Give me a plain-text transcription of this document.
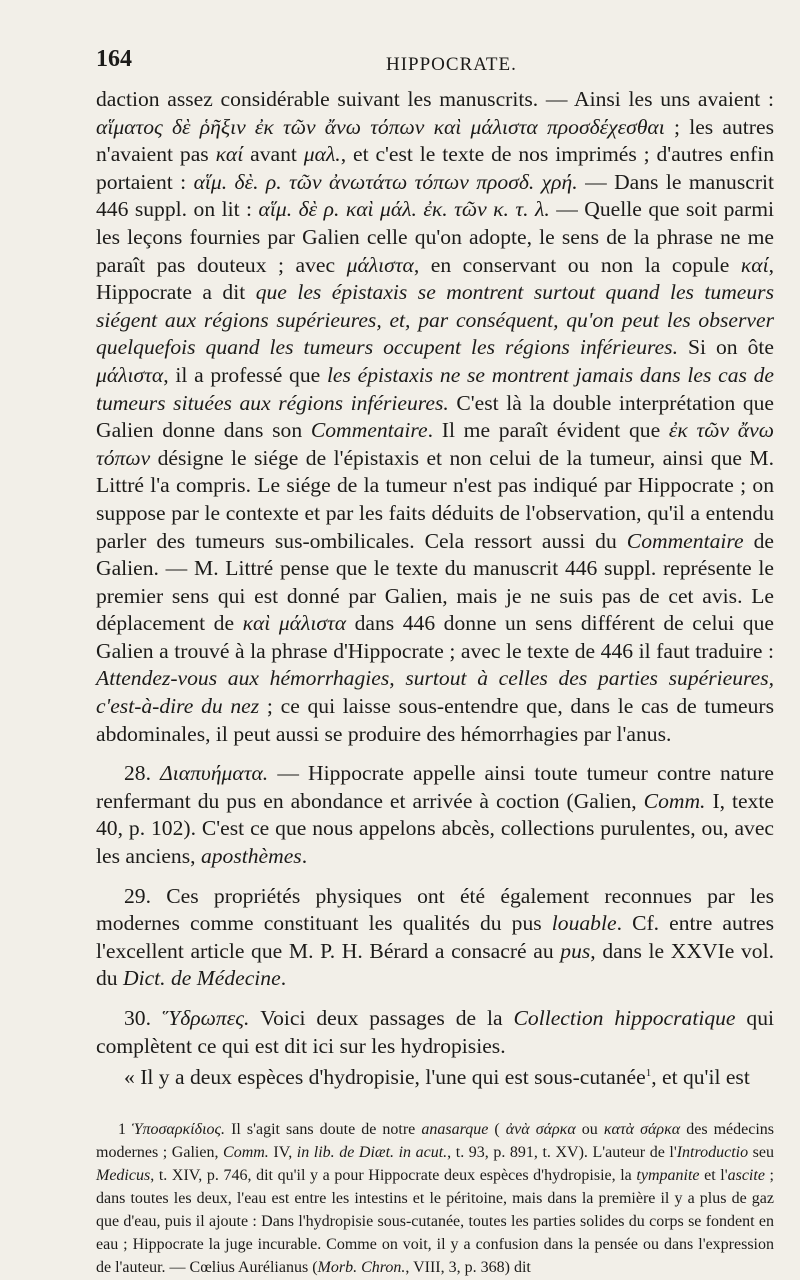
164	HIPPOCRATE.

daction assez considérable suivant les manuscrits. — Ainsi les uns avaient : αἵματος δὲ ῥῆξιν ἐκ τῶν ἄνω τόπων καὶ μάλιστα προσδέχεσθαι ; les autres n'avaient pas καί avant μαλ., et c'est le texte de nos imprimés ; d'autres enfin portaient : αἵμ. δὲ. ρ. τῶν ἀνωτάτω τόπων προσδ. χρή. — Dans le manuscrit 446 suppl. on lit : αἵμ. δὲ ρ. καὶ μάλ. ἐκ. τῶν κ. τ. λ. — Quelle que soit parmi les leçons fournies par Galien celle qu'on adopte, le sens de la phrase ne me paraît pas douteux ; avec μάλιστα, en conservant ou non la copule καί, Hippocrate a dit que les épistaxis se montrent surtout quand les tumeurs siégent aux régions supérieures, et, par conséquent, qu'on peut les observer quelquefois quand les tumeurs occupent les régions inférieures. Si on ôte μάλιστα, il a professé que les épistaxis ne se montrent jamais dans les cas de tumeurs situées aux régions inférieures. C'est là la double interprétation que Galien donne dans son Commentaire. Il me paraît évident que ἐκ τῶν ἄνω τόπων désigne le siége de l'épistaxis et non celui de la tumeur, ainsi que M. Littré l'a compris. Le siége de la tumeur n'est pas indiqué par Hippocrate ; on suppose par le contexte et par les faits déduits de l'observation, qu'il a entendu parler des tumeurs sus-ombilicales. Cela ressort aussi du Commentaire de Galien. — M. Littré pense que le texte du manuscrit 446 suppl. représente le premier sens qui est donné par Galien, mais je ne suis pas de cet avis. Le déplacement de καὶ μάλιστα dans 446 donne un sens différent de celui que Galien a trouvé à la phrase d'Hippocrate ; avec le texte de 446 il faut traduire : Attendez-vous aux hémorrhagies, surtout à celles des parties supérieures, c'est-à-dire du nez ; ce qui laisse sous-entendre que, dans le cas de tumeurs abdominales, il peut aussi se produire des hémorrhagies par l'anus.

28. Διαπυήματα. — Hippocrate appelle ainsi toute tumeur contre nature renfermant du pus en abondance et arrivée à coction (Galien, Comm. I, texte 40, p. 102). C'est ce que nous appelons abcès, collections purulentes, ou, avec les anciens, aposthèmes.

29. Ces propriétés physiques ont été également reconnues par les modernes comme constituant les qualités du pus louable. Cf. entre autres l'excellent article que M. P. H. Bérard a consacré au pus, dans le XXVIe vol. du Dict. de Médecine.

30. Ὕδρωπες. Voici deux passages de la Collection hippocratique qui complètent ce qui est dit ici sur les hydropisies.

« Il y a deux espèces d'hydropisie, l'une qui est sous-cutanée$^1$, et qu'il est

1 Ὑποσαρκίδιος. Il s'agit sans doute de notre anasarque ( ἀνὰ σάρκα ou κατὰ σάρκα des médecins modernes ; Galien, Comm. IV, in lib. de Diæt. in acut., t. 93, p. 891, t. XV). L'auteur de l'Introductio seu Medicus, t. XIV, p. 746, dit qu'il y a pour Hippocrate deux espèces d'hydropisie, la tympanite et l'ascite ; dans toutes les deux, l'eau est entre les intestins et le péritoine, mais dans la première il y a plus de gaz que d'eau, puis il ajoute : Dans l'hydropisie sous-cutanée, toutes les parties solides du corps se fondent en eau ; Hippocrate la juge incurable. Comme on voit, il y a confusion dans la pensée ou dans l'expression de l'auteur. — Cœlius Aurélianus (Morb. Chron., VIII, 3, p. 368) dit
